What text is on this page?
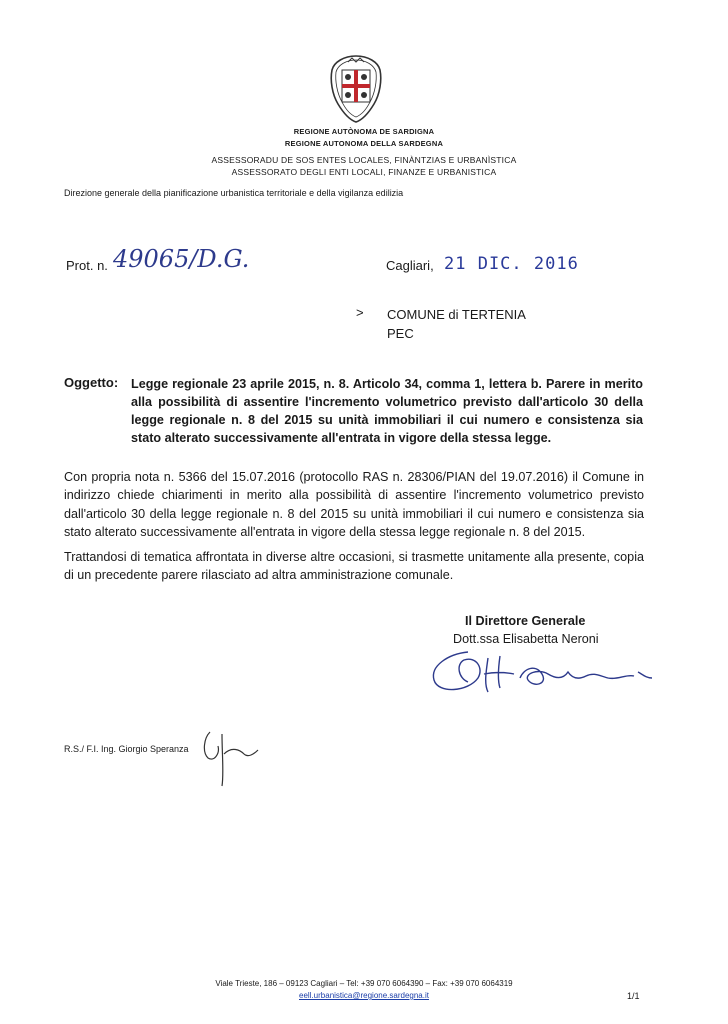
REGIONE AUTÒNOMA DE SARDIGNA
REGIONE AUTONOMA DELLA SARDEGNA
ASSESSORADU DE SOS ENTES LOCALES, FINÀNTZIAS E URBANÌSTICA
ASSESSORATO DEGLI ENTI LOCALI, FINANZE E URBANISTICA
Direzione generale della pianificazione urbanistica territoriale e della vigilanza edilizia
Prot. n. 49065/D.G.	Cagliari, 21 DIC. 2016
> COMUNE di TERTENIA
PEC
Oggetto: Legge regionale 23 aprile 2015, n. 8. Articolo 34, comma 1, lettera b. Parere in merito alla possibilità di assentire l'incremento volumetrico previsto dall'articolo 30 della legge regionale n. 8 del 2015 su unità immobiliari il cui numero e consistenza sia stato alterato successivamente all'entrata in vigore della stessa legge.
Con propria nota n. 5366 del 15.07.2016 (protocollo RAS n. 28306/PIAN del 19.07.2016) il Comune in indirizzo chiede chiarimenti in merito alla possibilità di assentire l'incremento volumetrico previsto dall'articolo 30 della legge regionale n. 8 del 2015 su unità immobiliari il cui numero e consistenza sia stato alterato successivamente all'entrata in vigore della stessa legge regionale n. 8 del 2015.
Trattandosi di tematica affrontata in diverse altre occasioni, si trasmette unitamente alla presente, copia di un precedente parere rilasciato ad altra amministrazione comunale.
Il Direttore Generale
Dott.ssa Elisabetta Neroni
R.S./ F.I. Ing. Giorgio Speranza
Viale Trieste, 186 – 09123 Cagliari – Tel: +39 070 6064390 – Fax: +39 070 6064319
eell.urbanistica@regione.sardegna.it	1/1
